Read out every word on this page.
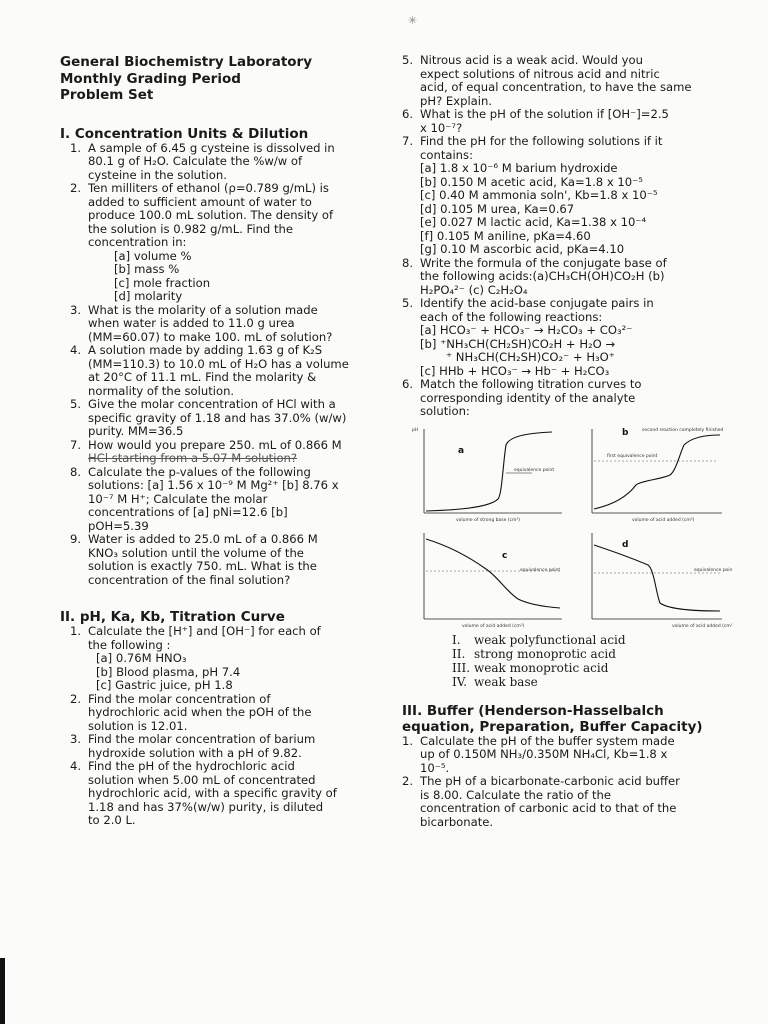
✳
General Biochemistry Laboratory
Monthly Grading Period
Problem Set
I. Concentration Units & Dilution
1. A sample of 6.45 g cysteine is dissolved in
80.1 g of H₂O. Calculate the %w/w of
cysteine in the solution.
2. Ten milliters of ethanol (ρ=0.789 g/mL) is
added to sufficient amount of water to
produce 100.0 mL solution. The density of
the solution is 0.982 g/mL. Find the
concentration in:
[a] volume %
[b] mass %
[c] mole fraction
[d] molarity
3. What is the molarity of a solution made
when water is added to 11.0 g urea
(MM=60.07) to make 100. mL of solution?
4. A solution made by adding 1.63 g of K₂S
(MM=110.3) to 10.0 mL of H₂O has a volume
at 20°C of 11.1 mL. Find the molarity &
normality of the solution.
5. Give the molar concentration of HCl with a
specific gravity of 1.18 and has 37.0% (w/w)
purity. MM=36.5
7. How would you prepare 250. mL of 0.866 M
HCl starting from a 5.07 M solution?
8. Calculate the p-values of the following
solutions: [a] 1.56 x 10⁻⁹ M Mg²⁺ [b] 8.76 x
10⁻⁷ M H⁺; Calculate the molar
concentrations of [a] pNi=12.6 [b]
pOH=5.39
9. Water is added to 25.0 mL of a 0.866 M
KNO₃ solution until the volume of the
solution is exactly 750. mL. What is the
concentration of the final solution?
II. pH, Ka, Kb, Titration Curve
1. Calculate the [H⁺] and [OH⁻] for each of
the following :
[a] 0.76M HNO₃
[b] Blood plasma, pH 7.4
[c] Gastric juice, pH 1.8
2. Find the molar concentration of
hydrochloric acid when the pOH of the
solution is 12.01.
3. Find the molar concentration of barium
hydroxide solution with a pH of 9.82.
4. Find the pH of the hydrochloric acid
solution when 5.00 mL of concentrated
hydrochloric acid, with a specific gravity of
1.18 and has 37%(w/w) purity, is diluted
to 2.0 L.
5. Nitrous acid is a weak acid. Would you
expect solutions of nitrous acid and nitric
acid, of equal concentration, to have the same
pH? Explain.
6. What is the pH of the solution if [OH⁻]=2.5
x 10⁻⁷?
7. Find the pH for the following solutions if it
contains:
[a] 1.8 x 10⁻⁶ M barium hydroxide
[b] 0.150 M acetic acid, Ka=1.8 x 10⁻⁵
[c] 0.40 M ammonia soln', Kb=1.8 x 10⁻⁵
[d] 0.105 M urea, Ka=0.67
[e] 0.027 M lactic acid, Ka=1.38 x 10⁻⁴
[f] 0.105 M aniline, pKa=4.60
[g] 0.10 M ascorbic acid, pKa=4.10
8. Write the formula of the conjugate base of
the following acids:(a)CH₃CH(OH)CO₂H (b)
H₂PO₄²⁻ (c) C₂H₂O₄
5. Identify the acid-base conjugate pairs in
each of the following reactions:
[a] HCO₃⁻ + HCO₃⁻ → H₂CO₃ + CO₃²⁻
[b] ⁺NH₃CH(CH₂SH)CO₂H + H₂O →
⁺ NH₃CH(CH₂SH)CO₂⁻ + H₃O⁺
[c] HHb + HCO₃⁻ → Hb⁻ + H₂CO₃
6. Match the following titration curves to
corresponding identity of the analyte
solution:
pH
equivalence point
a
volume of strong base (cm³)
b	second reaction completely finished
first equivalence point
volume of acid added (cm³)
c
equivalence point
volume of acid added (cm³)
d
equivalence point
volume of acid added (cm³)
I.	weak polyfunctional acid
II. strong monoprotic acid
III. weak monoprotic acid
IV. weak base
III. Buffer (Henderson-Hasselbalch equation, Preparation, Buffer Capacity)
1. Calculate the pH of the buffer system made
up of 0.150M NH₃/0.350M NH₄Cl, Kb=1.8 x
10⁻⁵.
2. The pH of a bicarbonate-carbonic acid buffer
is 8.00. Calculate the ratio of the
concentration of carbonic acid to that of the
bicarbonate.
